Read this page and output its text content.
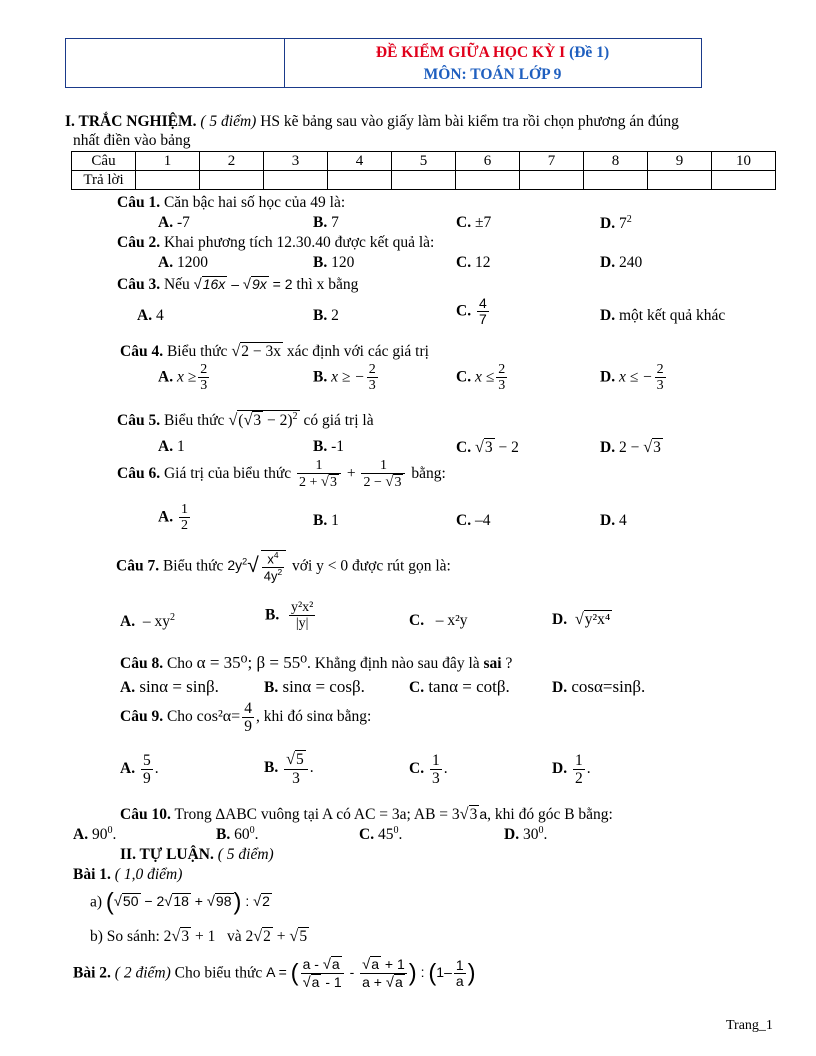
ĐỀ KIỂM GIỮA HỌC KỲ I (Đề 1)
MÔN: TOÁN LỚP 9
I. TRẮC NGHIỆM. ( 5 điểm) HS kẽ bảng sau vào giấy làm bài kiểm tra rồi chọn phương án đúng
nhất điền vào bảng
Câu	1	2	3	4	5	6	7	8	9	10
Trả lời										
Câu 1. Căn bậc hai số học của 49 là:
A. -7	B. 7	C. ±7	D. $7^2$
Câu 2. Khai phương tích 12.30.40 được kết quả là:
A. 1200	B. 120	C. 12	D. 240
Câu 3. Nếu √16x – √9x = 2 thì x bằng
A. 4	B. 2	C. $\frac{4}{7}$	D. một kết quả khác
Câu 4. Biểu thức √2 − 3x xác định với các giá trị
A. $x \ge \frac{2}{3}$	B. x ≥ − $\frac{2}{3}$	C. $x \le \frac{2}{3}$	D. x ≤ − $\frac{2}{3}$
Câu 5. Biểu thức $√(√3 - 2)^2$ có giá trị là
A. 1	B. -1	C. √3 − 2	D. 2 − √3
Câu 6. Giá trị của biểu thức $\frac{1}{2 + √3} + \frac{1}{2 - √3}$ bằng:
A. $\frac{1}{2}$	B. 1	C. –4	D. 4
Câu 7. Biểu thức $2y^2√ \frac{x^4}{4y^2}$ với y < 0 được rút gọn là:
A. – $xy^2$	B. $\frac{\text{y²x²}}{|y|}$	C. – x²y	D. √y²x⁴
Câu 8. Cho α = 35⁰; β = 55⁰. Khẳng định nào sau đây là sai ?
A. sinα = sinβ.	B. sinα = cosβ.	C. tanα = cotβ.	D. cosα=sinβ.
Câu 9. Cho $\cos^2\alpha= \frac{4}{9}$ , khi đó sinα bằng:
A. $\frac{5}{9}$ .	B. $\frac{√5}{3}$ .	C. $\frac{1}{3}$ .	D. $\frac{1}{2}$ .
Câu 10. Trong ∆ABC vuông tại A có AC = 3a; AB = 3√3 a, khi đó góc B bằng:
A. $90^0$.	B. $60^0$.	C. $45^0$.	D. $30^0$.
II. TỰ LUẬN. ( 5 điểm)
Bài 1. ( 1,0 điểm)
a) (√50 − 2√18 + √98) : √2
b) So sánh: 2√3 + 1 và 2√2 + √5
Bài 2. ( 2 điểm) Cho biểu thức A = ( $\frac{a - √a}{√a - 1} - \frac{√a + 1}{a + √a}$ ) : ($1- \frac{1}{a}$ )
Trang_1
